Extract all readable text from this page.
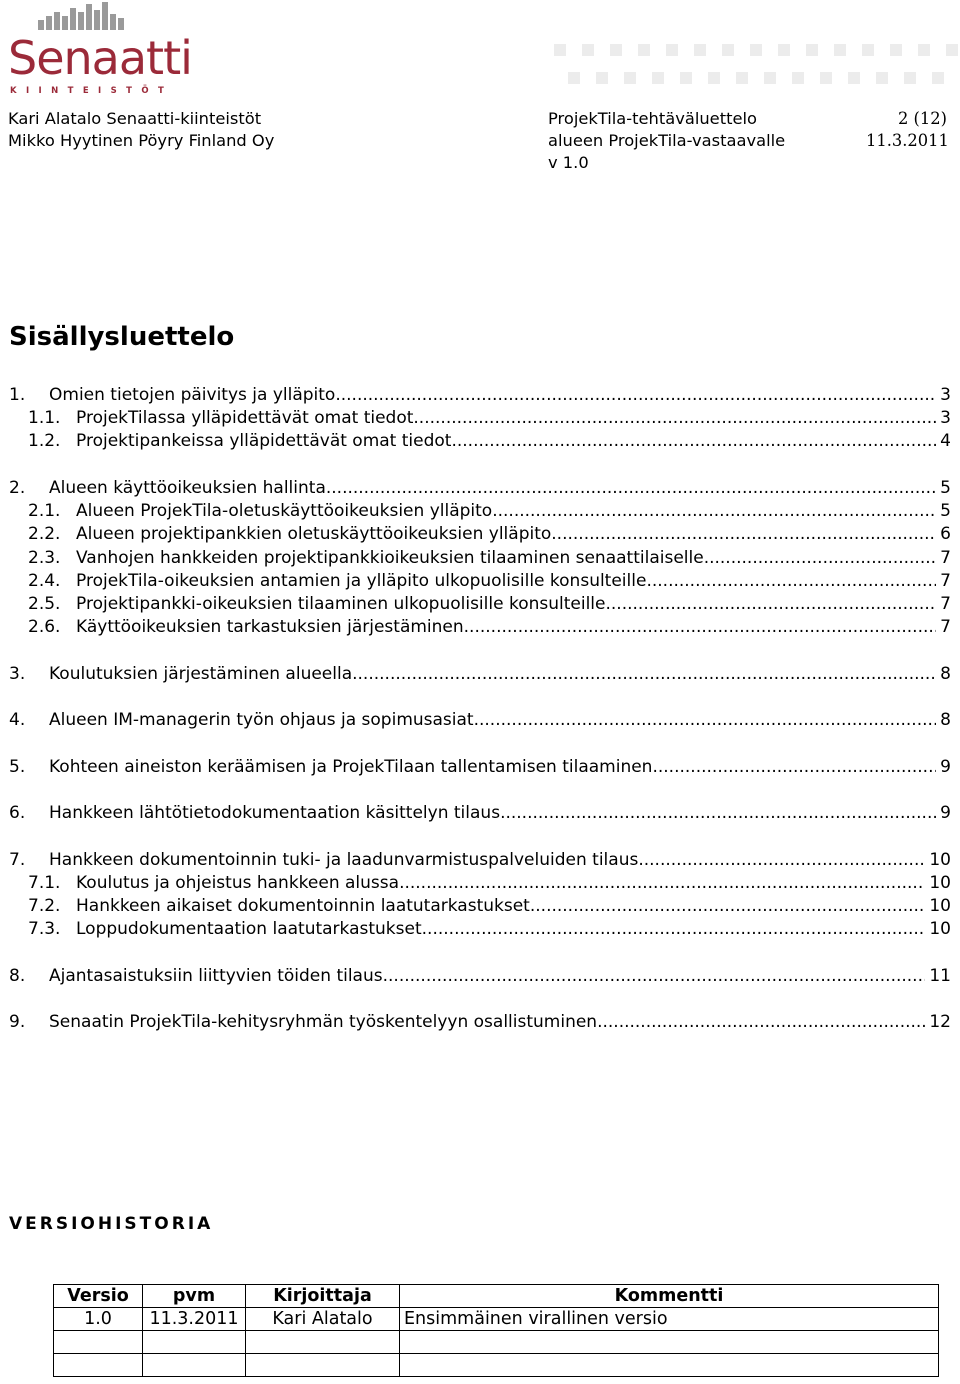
Senaatti
KIINTEISTÖT
Kari Alatalo Senaatti-kiinteistöt
Mikko Hyytinen Pöyry Finland Oy
ProjekTila-tehtäväluettelo
alueen ProjekTila-vastaavalle
v 1.0
2 (12)
11.3.2011
Sisällysluettelo
1.	Omien tietojen päivitys ja ylläpito .....	3
1.1. ProjekTilassa ylläpidettävät omat tiedot .....	3
1.2. Projektipankeissa ylläpidettävät omat tiedot .....	4
2.	Alueen käyttöoikeuksien hallinta .....	5
2.1. Alueen ProjekTila-oletuskäyttöoikeuksien ylläpito .....	5
2.2. Alueen projektipankkien oletuskäyttöoikeuksien ylläpito .....	6
2.3. Vanhojen hankkeiden projektipankkioikeuksien tilaaminen senaattilaiselle .....	7
2.4. ProjekTila-oikeuksien antamien ja ylläpito ulkopuolisille konsulteille .....	7
2.5. Projektipankki-oikeuksien tilaaminen ulkopuolisille konsulteille .....	7
2.6. Käyttöoikeuksien tarkastuksien järjestäminen .....	7
3.	Koulutuksien järjestäminen alueella .....	8
4.	Alueen IM-managerin työn ohjaus ja sopimusasiat .....	8
5.	Kohteen aineiston keräämisen ja ProjekTilaan tallentamisen tilaaminen .....	9
6.	Hankkeen lähtötietodokumentaation käsittelyn tilaus .....	9
7.	Hankkeen dokumentoinnin tuki- ja laadunvarmistuspalveluiden tilaus .....	10
7.1. Koulutus ja ohjeistus hankkeen alussa .....	10
7.2. Hankkeen aikaiset dokumentoinnin laatutarkastukset .....	10
7.3. Loppudokumentaation laatutarkastukset .....	10
8.	Ajantasaistuksiin liittyvien töiden tilaus .....	11
9.	Senaatin ProjekTila-kehitysryhmän työskentelyyn osallistuminen .....	12
VERSIOHISTORIA
Versio	pvm	Kirjoittaja	Kommentti
1.0	11.3.2011	Kari Alatalo	Ensimmäinen virallinen versio
